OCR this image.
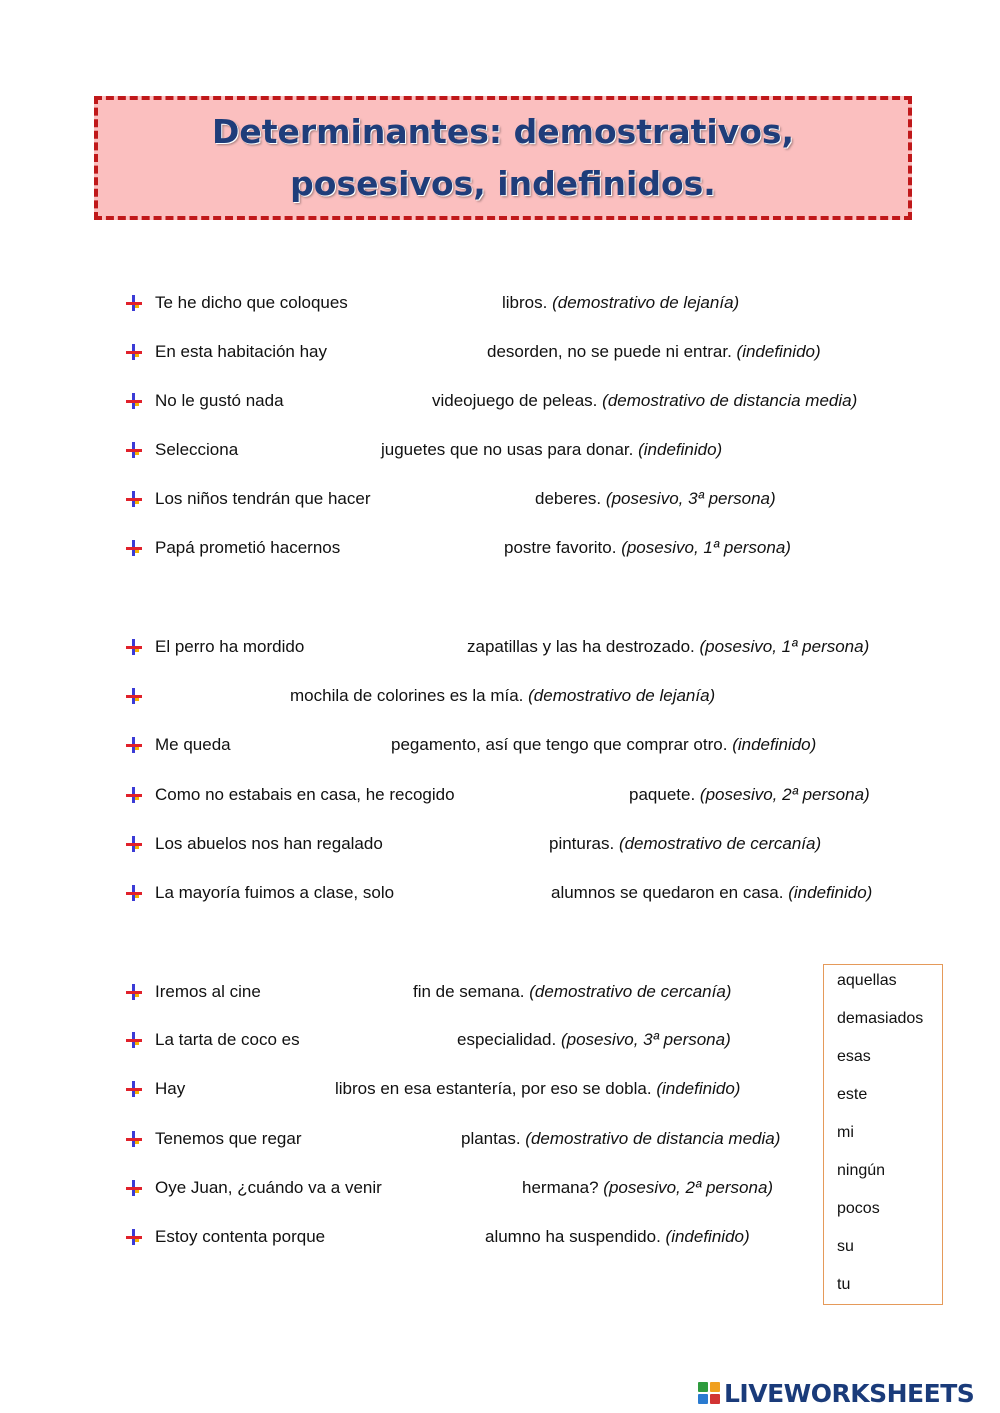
Determinantes: demostrativos, posesivos, indefinidos.
Te he dicho que coloques	libros. (demostrativo de lejanía)
En esta habitación hay	desorden, no se puede ni entrar. (indefinido)
No le gustó nada	videojuego de peleas. (demostrativo de distancia media)
Selecciona	juguetes que no usas para donar. (indefinido)
Los niños tendrán que hacer	deberes. (posesivo, 3ª persona)
Papá prometió hacernos	postre favorito. (posesivo, 1ª persona)
El perro ha mordido	zapatillas y las ha destrozado. (posesivo, 1ª persona)
mochila de colorines es la mía. (demostrativo de lejanía)
Me queda	pegamento, así que tengo que comprar otro. (indefinido)
Como no estabais en casa, he recogido	paquete. (posesivo, 2ª persona)
Los abuelos nos han regalado	pinturas. (demostrativo de cercanía)
La mayoría fuimos a clase, solo	alumnos se quedaron en casa. (indefinido)
Iremos al cine	fin de semana. (demostrativo de cercanía)
La tarta de coco es	especialidad. (posesivo, 3ª persona)
Hay	libros en esa estantería, por eso se dobla. (indefinido)
Tenemos que regar	plantas. (demostrativo de distancia media)
Oye Juan, ¿cuándo va a venir	hermana? (posesivo, 2ª persona)
Estoy contenta porque	alumno ha suspendido. (indefinido)
aquellas
demasiados
esas
este
mi
ningún
pocos
su
tu
LIVEWORKSHEETS
